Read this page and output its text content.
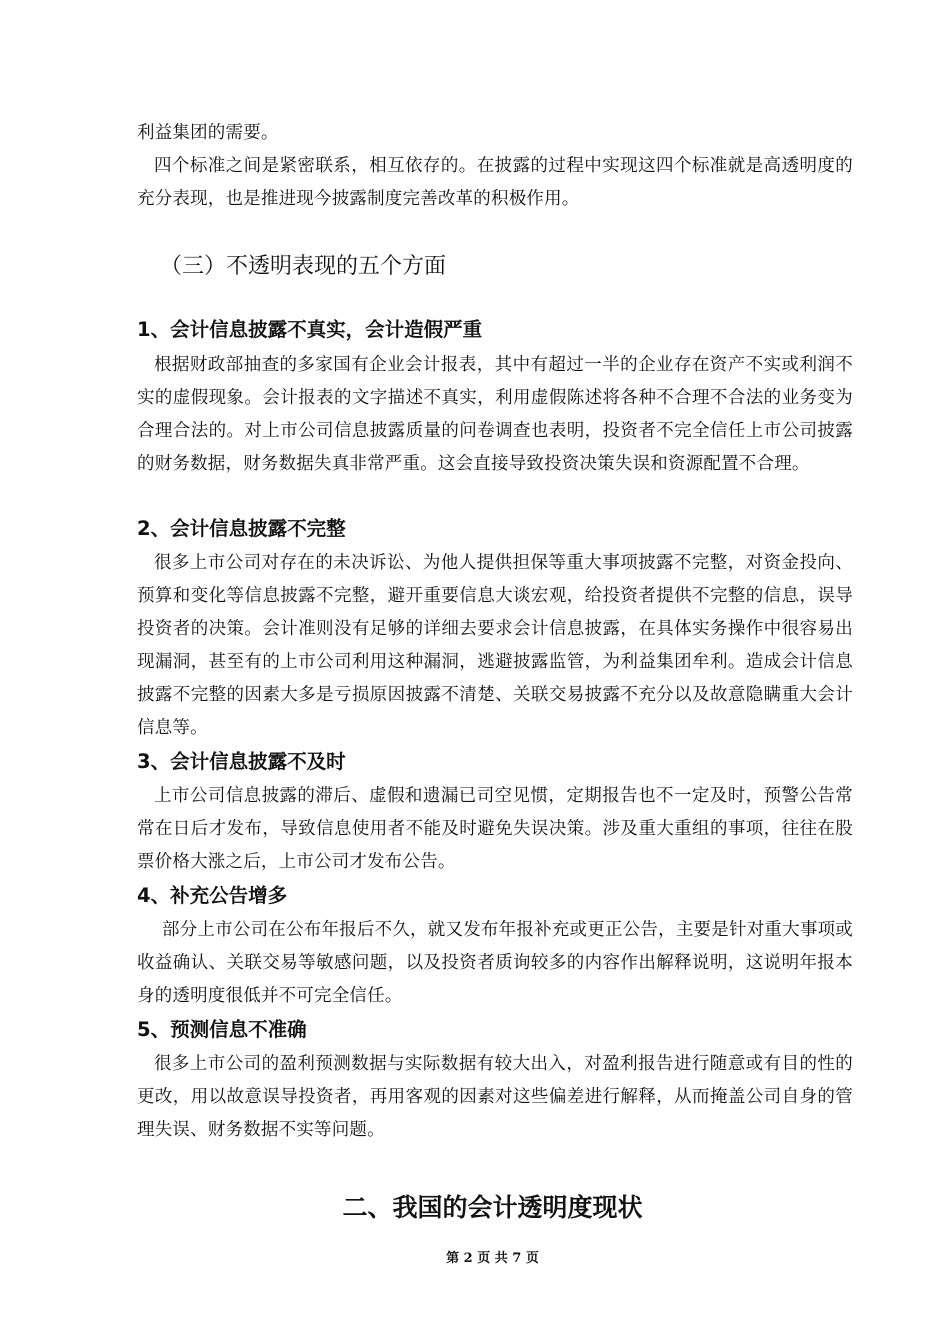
利益集团的需要。

四个标准之间是紧密联系，相互依存的。在披露的过程中实现这四个标准就是高透明度的充分表现，也是推进现今披露制度完善改革的积极作用。

（三）不透明表现的五个方面
1、会计信息披露不真实，会计造假严重

根据财政部抽查的多家国有企业会计报表，其中有超过一半的企业存在资产不实或利润不实的虚假现象。会计报表的文字描述不真实，利用虚假陈述将各种不合理不合法的业务变为合理合法的。对上市公司信息披露质量的问卷调查也表明，投资者不完全信任上市公司披露的财务数据，财务数据失真非常严重。这会直接导致投资决策失误和资源配置不合理。

2、会计信息披露不完整

很多上市公司对存在的未决诉讼、为他人提供担保等重大事项披露不完整，对资金投向、预算和变化等信息披露不完整，避开重要信息大谈宏观，给投资者提供不完整的信息，误导投资者的决策。会计准则没有足够的详细去要求会计信息披露，在具体实务操作中很容易出现漏洞，甚至有的上市公司利用这种漏洞，逃避披露监管，为利益集团牟利。造成会计信息披露不完整的因素大多是亏损原因披露不清楚、关联交易披露不充分以及故意隐瞒重大会计信息等。

3、会计信息披露不及时

上市公司信息披露的滞后、虚假和遗漏已司空见惯，定期报告也不一定及时，预警公告常常在日后才发布，导致信息使用者不能及时避免失误决策。涉及重大重组的事项，往往在股票价格大涨之后，上市公司才发布公告。

4、补充公告增多

部分上市公司在公布年报后不久，就又发布年报补充或更正公告，主要是针对重大事项或收益确认、关联交易等敏感问题，以及投资者质询较多的内容作出解释说明，这说明年报本身的透明度很低并不可完全信任。

5、预测信息不准确

很多上市公司的盈利预测数据与实际数据有较大出入，对盈利报告进行随意或有目的性的更改，用以故意误导投资者，再用客观的因素对这些偏差进行解释，从而掩盖公司自身的管理失误、财务数据不实等问题。

二、我国的会计透明度现状
第 2 页 共 7 页
